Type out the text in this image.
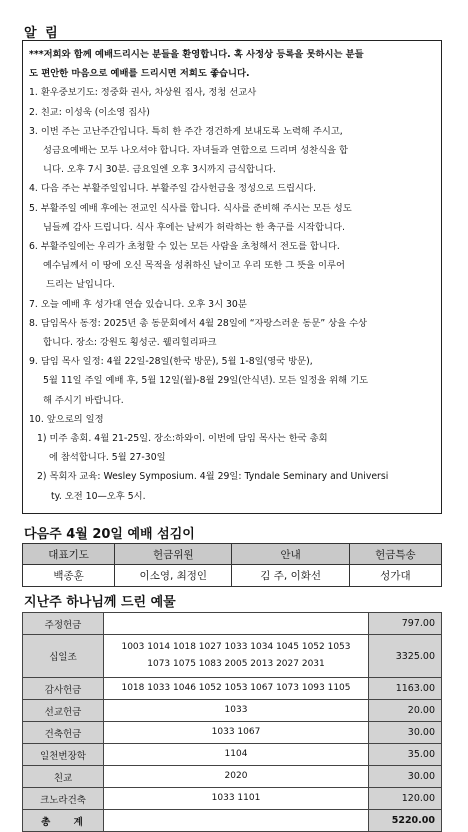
알 림
***저희와 함께 예배드리시는 분들을 환영합니다. 혹 사정상 등록을 못하시는 분들
도 편안한 마음으로 예배를 드리시면 저희도 좋습니다.
1. 환우중보기도: 정중화 권사, 차상원 집사, 정청 선교사
2. 친교: 이성욱 (이소영 집사)
3. 이번 주는 고난주간입니다. 특히 한 주간 경건하게 보내도록 노력해 주시고,
성금요예배는 모두 나오셔야 합니다. 자녀들과 연합으로 드리며 성찬식을 합
니다. 오후 7시 30분. 금요일엔 오후 3시까지 금식합니다.
4. 다음 주는 부활주일입니다. 부활주일 감사헌금을 정성으로 드립시다.
5. 부활주일 예배 후에는 전교인 식사를 합니다. 식사를 준비해 주시는 모든 성도
님들께 감사 드립니다. 식사 후에는 날씨가 허락하는 한 축구를 시작합니다.
6. 부활주일에는 우리가 초청할 수 있는 모든 사람을 초청해서 전도를 합니다.
예수님께서 이 땅에 오신 목적을 성취하신 날이고 우리 또한 그 뜻을 이루어
드리는 날입니다.
7. 오늘 예배 후 성가대 연습 있습니다. 오후 3시 30분
8. 담임목사 동정: 2025년 총 동문회에서 4월 28일에 “자랑스러운 동문” 상을 수상
합니다. 장소: 강원도 횡성군. 웰리힐리파크
9. 담임 목사 일정: 4월 22일-28일(한국 방문), 5월 1-8일(영국 방문),
5월 11일 주일 예배 후, 5월 12일(월)-8월 29일(안식년). 모든 일정을 위해 기도
해 주시기 바랍니다.
10. 앞으로의 일정
1) 미주 총회. 4월 21-25일. 장소:하와이. 이번에 담임 목사는 한국 총회
에 참석합니다. 5월 27-30일
2) 목회자 교육: Wesley Symposium. 4월 29일: Tyndale Seminary and Universi
ty. 오전 10—오후 5시.
다음주 4월 20일 예배 섬김이
대표기도	헌금위원	안내	헌금특송
백종훈	이소영, 최정인	김 주, 이화선	성가대
지난주 하나님께 드린 예물
주정헌금		797.00
십일조	1003 1014 1018 1027 1033 1034 1045 1052 1053
1073 1075 1083 2005 2013 2027 2031	3325.00
감사헌금	1018 1033 1046 1052 1053 1067 1073 1093 1105	1163.00
선교헌금	1033	20.00
건축헌금	1033 1067	30.00
일천번장학	1104	35.00
친교	2020	30.00
크노라건축	1033 1101	120.00
총 계		5220.00
